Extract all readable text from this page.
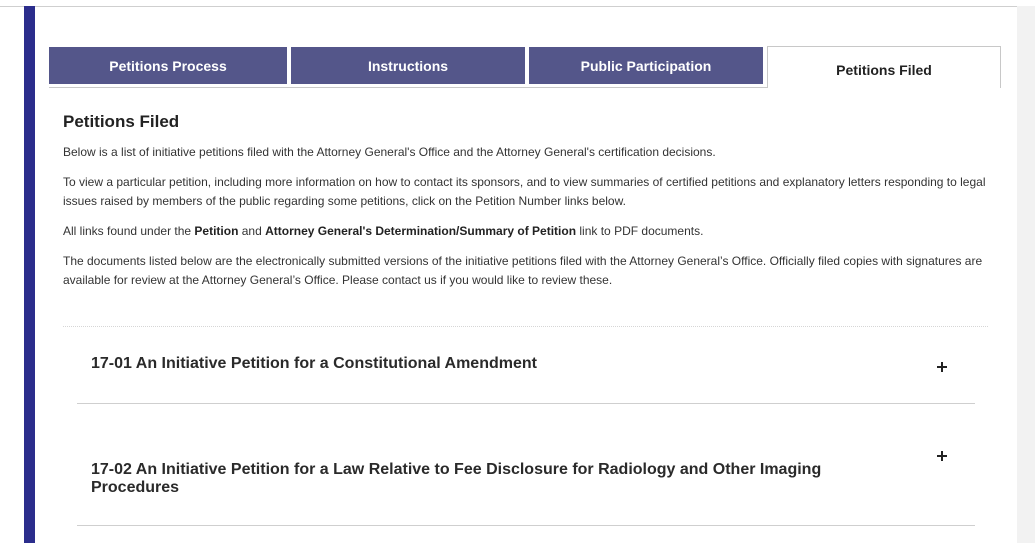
Petitions Process	Instructions	Public Participation	Petitions Filed
Petitions Filed

Below is a list of initiative petitions filed with the Attorney General's Office and the Attorney General's certification decisions.

To view a particular petition, including more information on how to contact its sponsors, and to view summaries of certified petitions and explanatory letters responding to legal issues raised by members of the public regarding some petitions, click on the Petition Number links below.

All links found under the Petition and Attorney General's Determination/Summary of Petition link to PDF documents.

The documents listed below are the electronically submitted versions of the initiative petitions filed with the Attorney General’s Office. Officially filed copies with signatures are available for review at the Attorney General’s Office. Please contact us if you would like to review these.

17-01 An Initiative Petition for a Constitutional Amendment
17-02 An Initiative Petition for a Law Relative to Fee Disclosure for Radiology and Other Imaging Procedures
